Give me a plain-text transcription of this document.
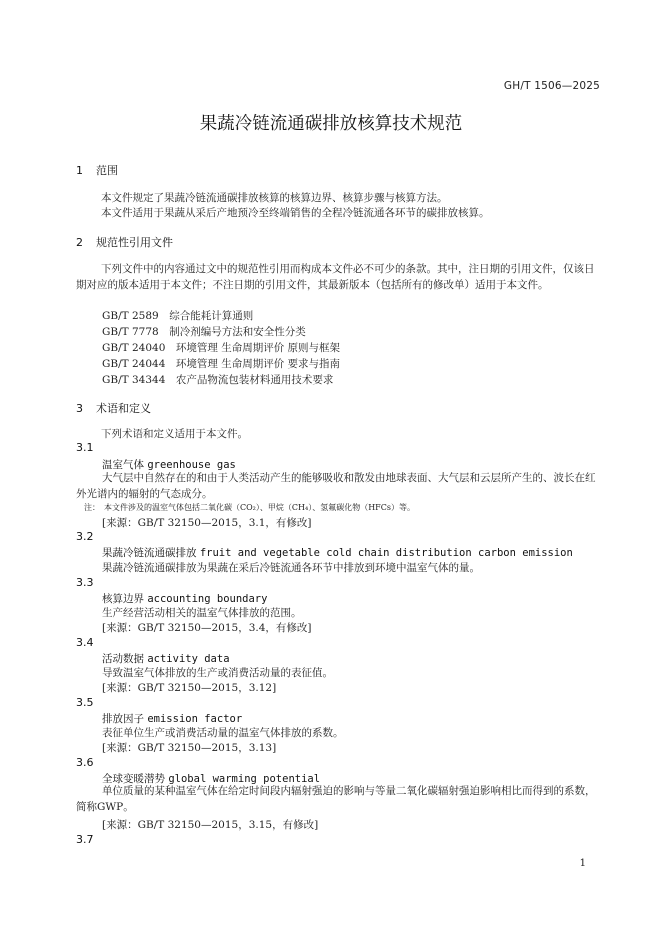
GH/T 1506—2025
果蔬冷链流通碳排放核算技术规范
1 范围
本文件规定了果蔬冷链流通碳排放核算的核算边界、核算步骤与核算方法。
本文件适用于果蔬从采后产地预冷至终端销售的全程冷链流通各环节的碳排放核算。
2 规范性引用文件
下列文件中的内容通过文中的规范性引用而构成本文件必不可少的条款。其中，注日期的引用文件，仅该日期对应的版本适用于本文件；不注日期的引用文件，其最新版本（包括所有的修改单）适用于本文件。
GB/T 2589　综合能耗计算通则
GB/T 7778　制冷剂编号方法和安全性分类
GB/T 24040　环境管理 生命周期评价 原则与框架
GB/T 24044　环境管理 生命周期评价 要求与指南
GB/T 34344　农产品物流包装材料通用技术要求
3 术语和定义
下列术语和定义适用于本文件。
3.1
温室气体 greenhouse gas
大气层中自然存在的和由于人类活动产生的能够吸收和散发由地球表面、大气层和云层所产生的、波长在红外光谱内的辐射的气态成分。
注：　本文件涉及的温室气体包括二氧化碳（CO₂）、甲烷（CH₄）、氢氟碳化物（HFCs）等。
[来源：GB/T 32150—2015，3.1，有修改]
3.2
果蔬冷链流通碳排放 fruit and vegetable cold chain distribution carbon emission
果蔬冷链流通碳排放为果蔬在采后冷链流通各环节中排放到环境中温室气体的量。
3.3
核算边界 accounting boundary
生产经营活动相关的温室气体排放的范围。
[来源：GB/T 32150—2015，3.4，有修改]
3.4
活动数据 activity data
导致温室气体排放的生产或消费活动量的表征值。
[来源：GB/T 32150—2015，3.12]
3.5
排放因子 emission factor
表征单位生产或消费活动量的温室气体排放的系数。
[来源：GB/T 32150—2015，3.13]
3.6
全球变暖潜势 global warming potential
单位质量的某种温室气体在给定时间段内辐射强迫的影响与等量二氧化碳辐射强迫影响相比而得到的系数，简称GWP。
[来源：GB/T 32150—2015，3.15，有修改]
3.7
1
